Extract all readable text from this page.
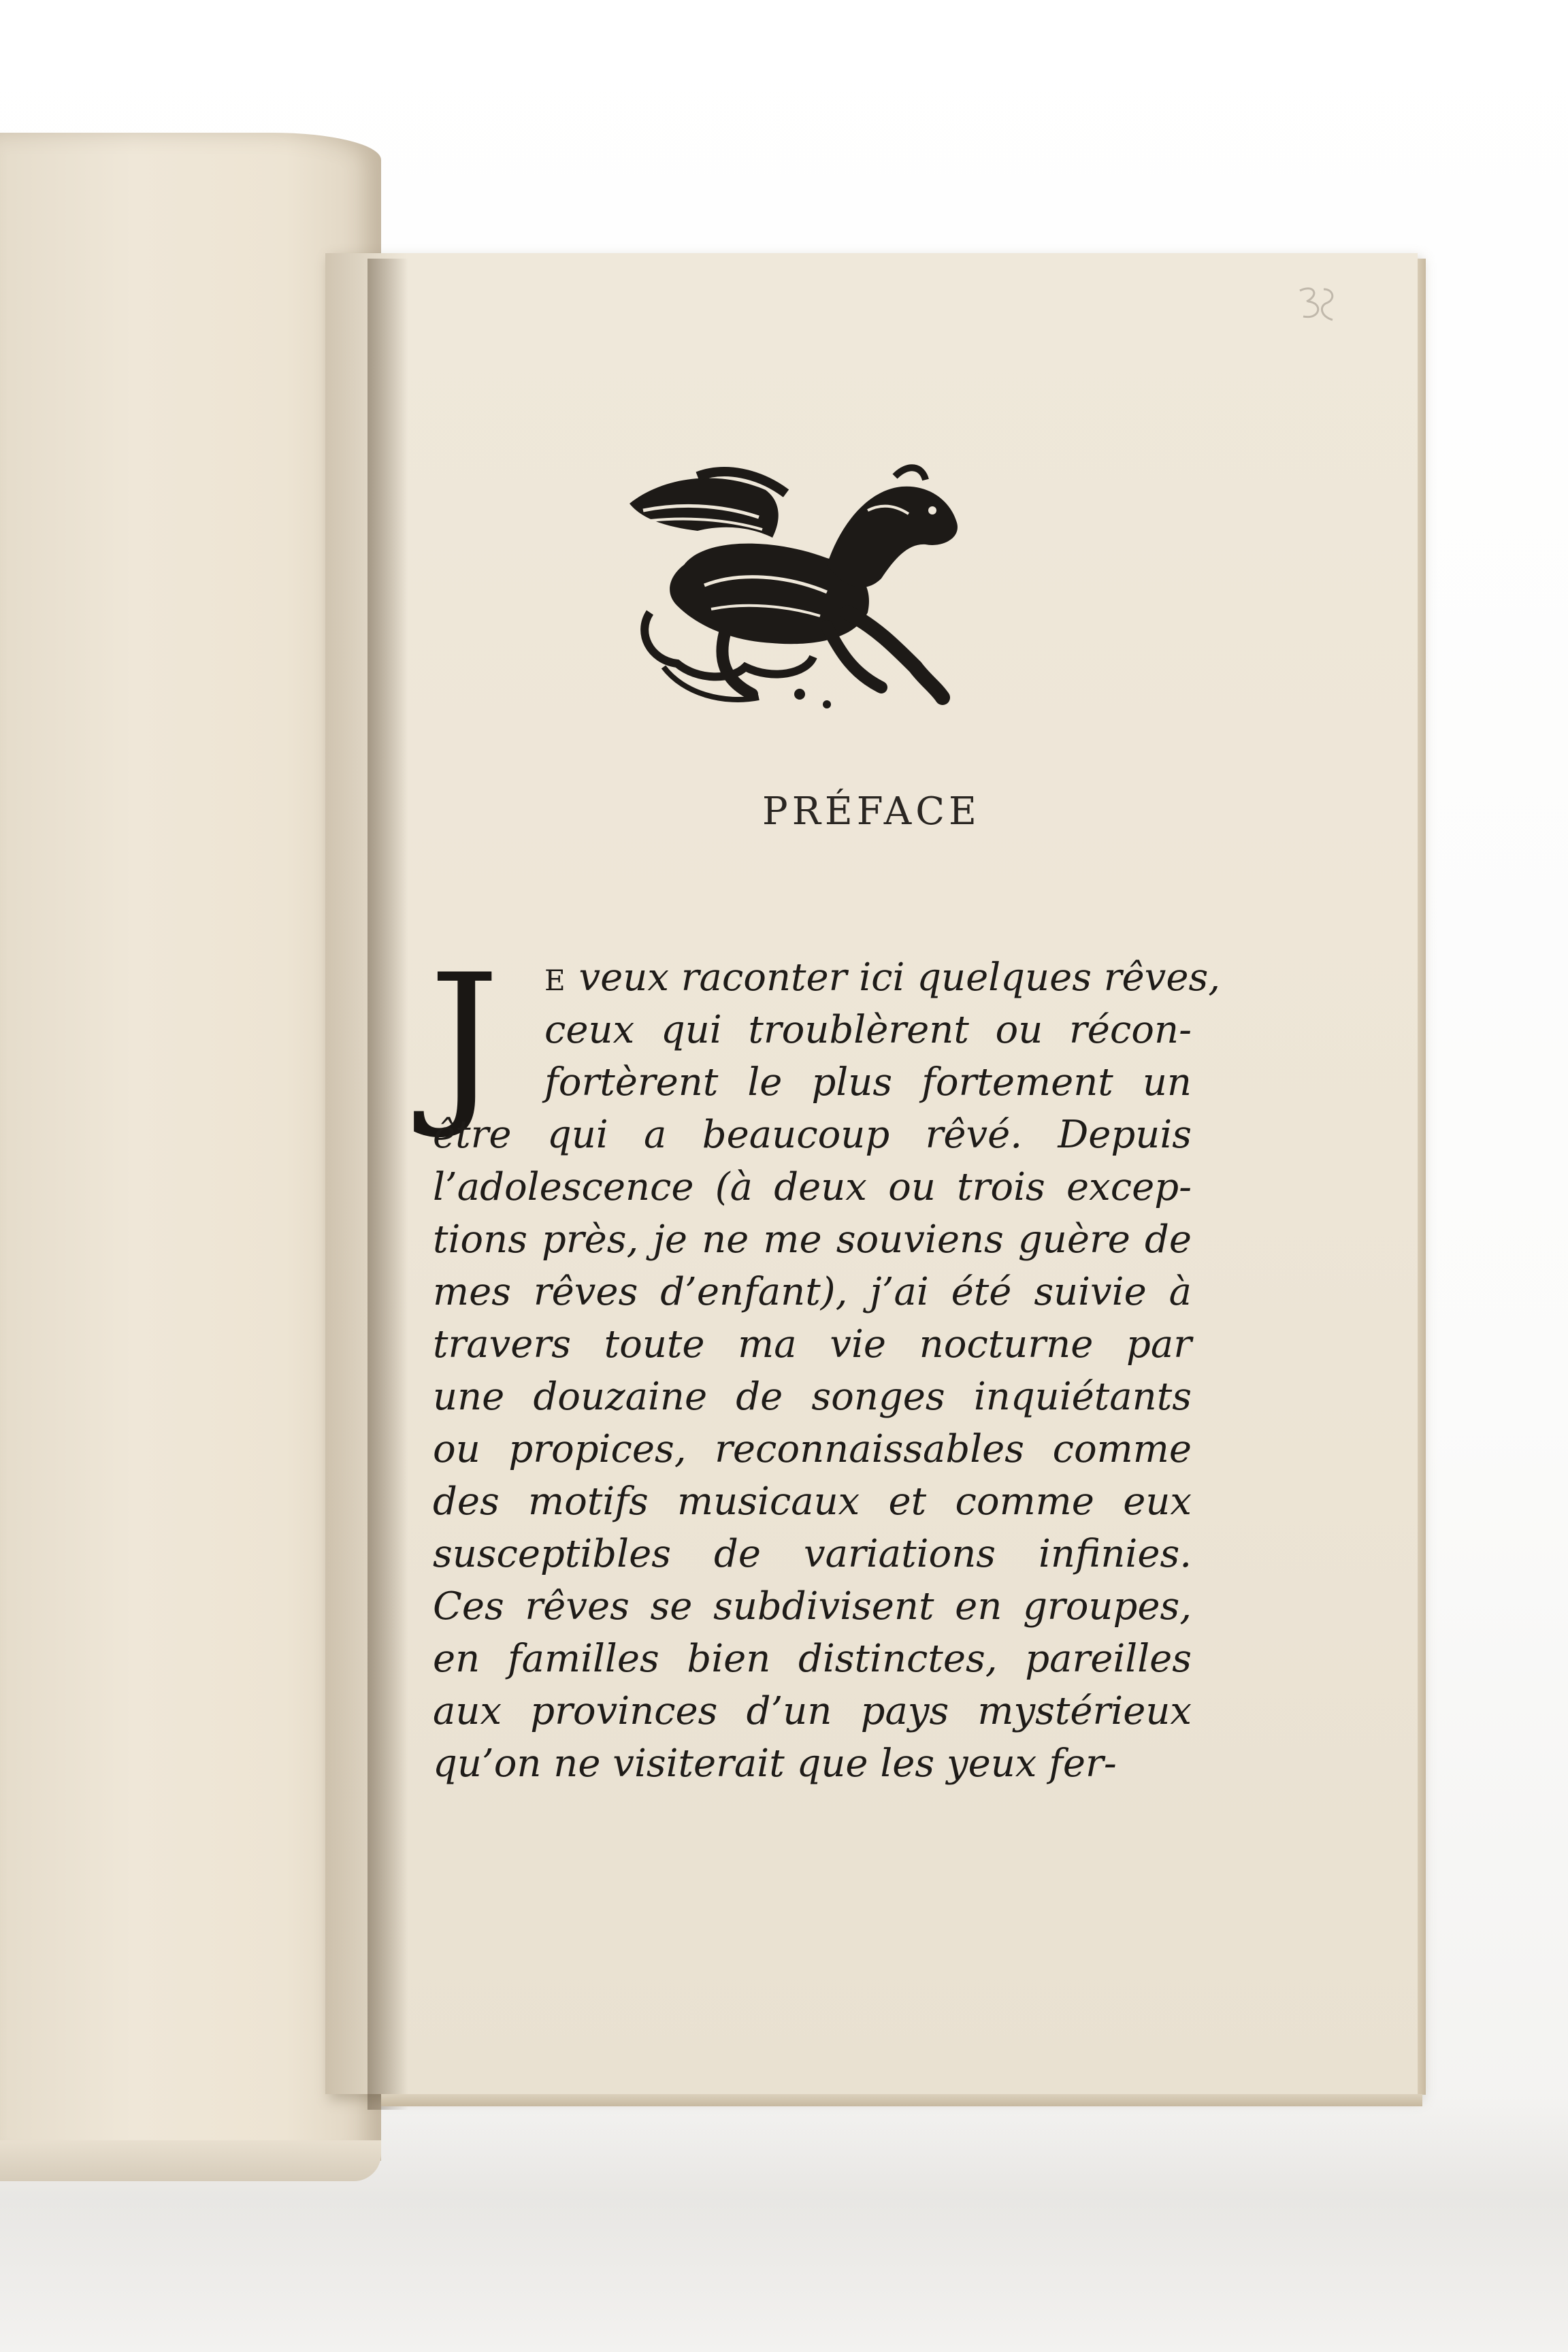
PRÉFACE
J	E veux raconter ici quelques rêves,
ceux qui troublèrent ou récon-
fortèrent le plus fortement un
être qui a beaucoup rêvé. Depuis
l’adolescence (à deux ou trois excep-
tions près, je ne me souviens guère de
mes rêves d’enfant), j’ai été suivie à
travers toute ma vie nocturne par
une douzaine de songes inquiétants
ou propices, reconnaissables comme
des motifs musicaux et comme eux
susceptibles de variations infinies.
Ces rêves se subdivisent en groupes,
en familles bien distinctes, pareilles
aux provinces d’un pays mystérieux
qu’on ne visiterait que les yeux fer-
